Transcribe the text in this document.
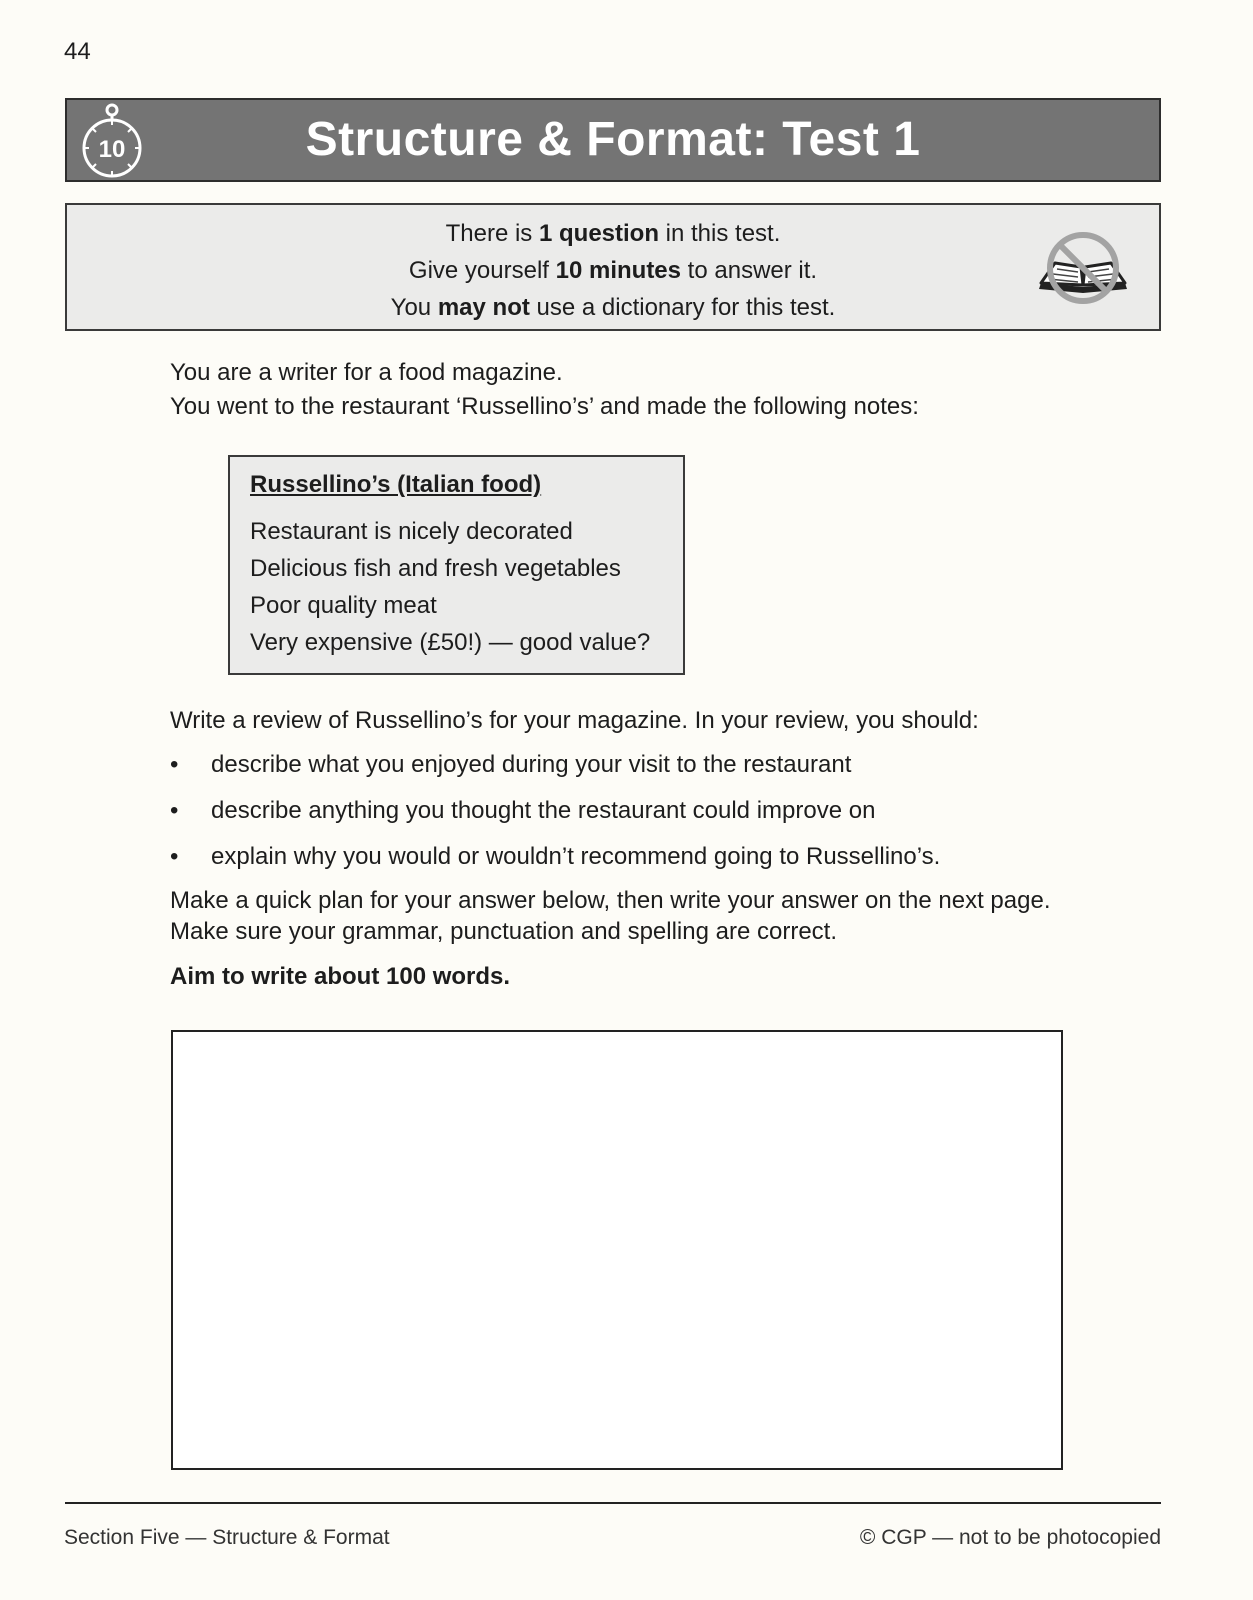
44
10	Structure & Format: Test 1
There is 1 question in this test.
Give yourself 10 minutes to answer it.
You may not use a dictionary for this test.
You are a writer for a food magazine.
You went to the restaurant ‘Russellino’s’ and made the following notes:
Russellino’s (Italian food)
Restaurant is nicely decorated
Delicious fish and fresh vegetables
Poor quality meat
Very expensive (£50!) — good value?
Write a review of Russellino’s for your magazine. In your review, you should:
• describe what you enjoyed during your visit to the restaurant
• describe anything you thought the restaurant could improve on
• explain why you would or wouldn’t recommend going to Russellino’s.
Make a quick plan for your answer below, then write your answer on the next page.
Make sure your grammar, punctuation and spelling are correct.
Aim to write about 100 words.
Section Five — Structure & Format	© CGP — not to be photocopied
